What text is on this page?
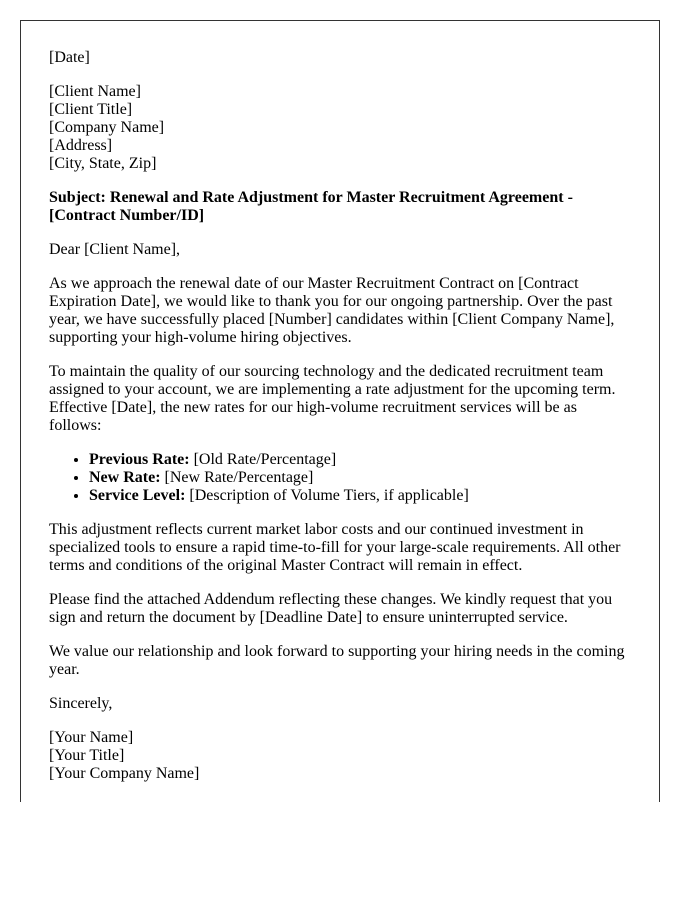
[Date]

[Client Name]

[Client Title]

[Company Name]

[Address]

[City, State, Zip]

Subject: Renewal and Rate Adjustment for Master Recruitment Agreement - [Contract Number/ID]

Dear [Client Name],

As we approach the renewal date of our Master Recruitment Contract on [Contract Expiration Date], we would like to thank you for our ongoing partnership. Over the past year, we have successfully placed [Number] candidates within [Client Company Name], supporting your high-volume hiring objectives.

To maintain the quality of our sourcing technology and the dedicated recruitment team assigned to your account, we are implementing a rate adjustment for the upcoming term. Effective [Date], the new rates for our high-volume recruitment services will be as follows:

• Previous Rate: [Old Rate/Percentage]
• New Rate: [New Rate/Percentage]
• Service Level: [Description of Volume Tiers, if applicable]

This adjustment reflects current market labor costs and our continued investment in specialized tools to ensure a rapid time-to-fill for your large-scale requirements. All other terms and conditions of the original Master Contract will remain in effect.

Please find the attached Addendum reflecting these changes. We kindly request that you sign and return the document by [Deadline Date] to ensure uninterrupted service.

We value our relationship and look forward to supporting your hiring needs in the coming year.

Sincerely,

[Your Name]

[Your Title]

[Your Company Name]
